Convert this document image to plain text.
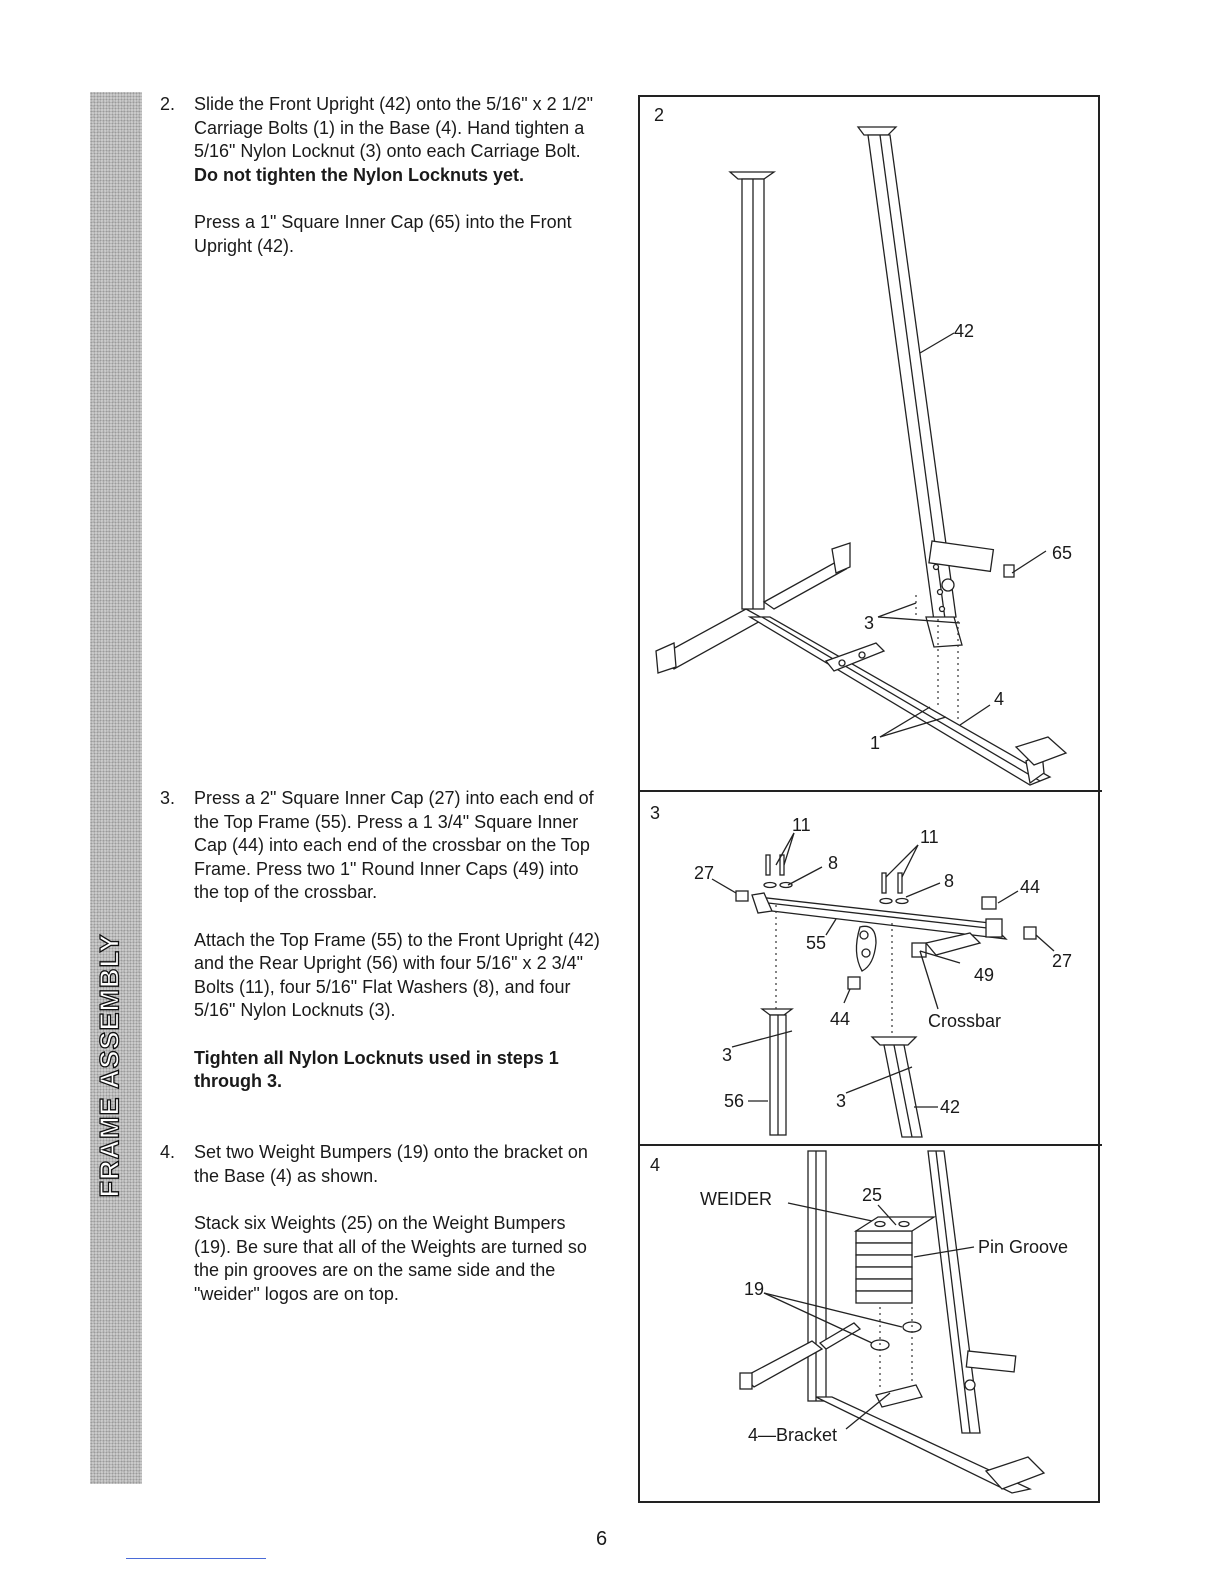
FRAME ASSEMBLY
2. Slide the Front Upright (42) onto the 5/16" x 2 1/2" Carriage Bolts (1) in the Base (4). Hand tighten a 5/16" Nylon Locknut (3) onto each Carriage Bolt. Do not tighten the Nylon Locknuts yet.

Press a 1" Square Inner Cap (65) into the Front Upright (42).

3. Press a 2" Square Inner Cap (27) into each end of the Top Frame (55). Press a 1 3/4" Square Inner Cap (44) into each end of the crossbar on the Top Frame. Press two 1" Round Inner Caps (49) into the top of the crossbar.

Attach the Top Frame (55) to the Front Upright (42) and the Rear Upright (56) with four 5/16" x 2 3/4" Bolts (11), four 5/16" Flat Washers (8), and four 5/16" Nylon Locknuts (3).

Tighten all Nylon Locknuts used in steps 1 through 3.

4. Set two Weight Bumpers (19) onto the bracket on the Base (4) as shown.

Stack six Weights (25) on the Weight Bumpers (19). Be sure that all of the Weights are turned so the pin grooves are on the same side and the "weider" logos are on top.

2
42
65
3
4
1
3
11
11
8
8
27
27
44
44
55
49
Crossbar
3
3
56	42
4
WEIDER	25
Pin Groove
19
4—Bracket
6
